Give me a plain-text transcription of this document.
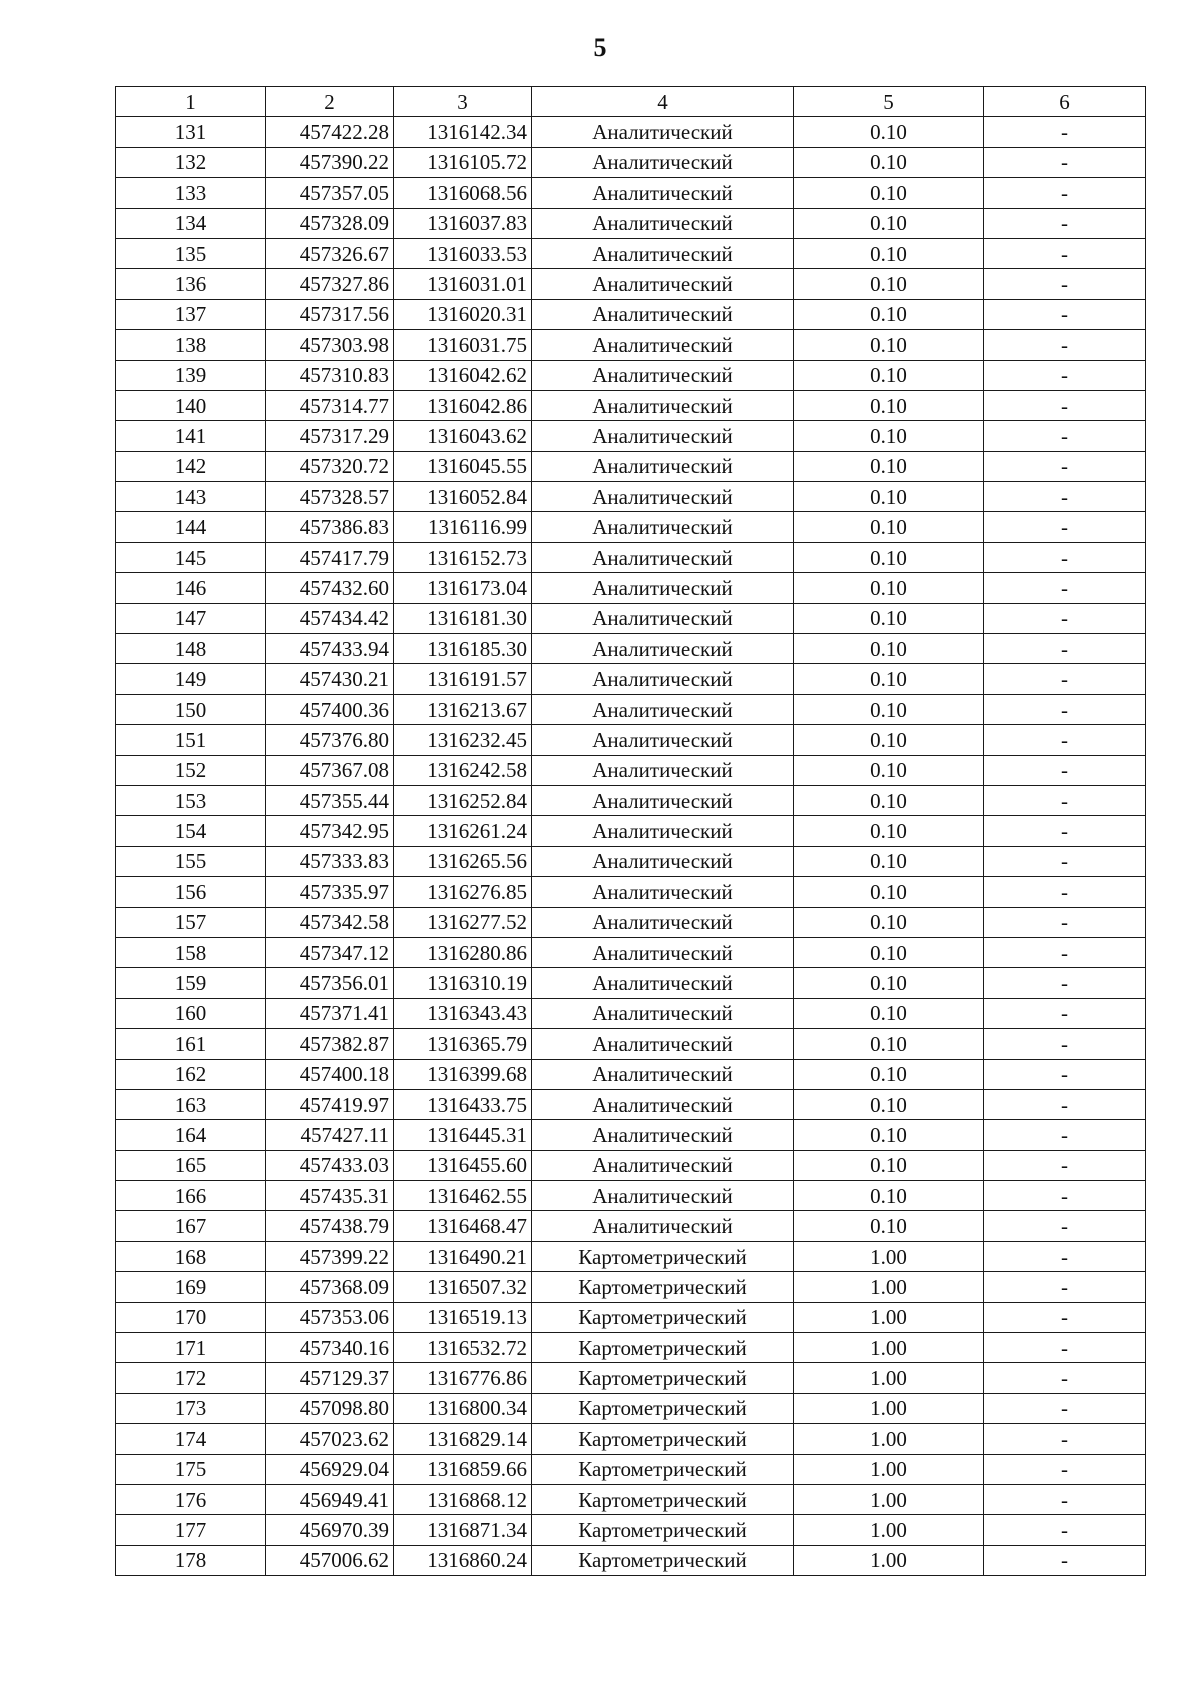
5
1	2	3	4	5	6
131	457422.28	1316142.34	Аналитический	0.10	-
132	457390.22	1316105.72	Аналитический	0.10	-
133	457357.05	1316068.56	Аналитический	0.10	-
134	457328.09	1316037.83	Аналитический	0.10	-
135	457326.67	1316033.53	Аналитический	0.10	-
136	457327.86	1316031.01	Аналитический	0.10	-
137	457317.56	1316020.31	Аналитический	0.10	-
138	457303.98	1316031.75	Аналитический	0.10	-
139	457310.83	1316042.62	Аналитический	0.10	-
140	457314.77	1316042.86	Аналитический	0.10	-
141	457317.29	1316043.62	Аналитический	0.10	-
142	457320.72	1316045.55	Аналитический	0.10	-
143	457328.57	1316052.84	Аналитический	0.10	-
144	457386.83	1316116.99	Аналитический	0.10	-
145	457417.79	1316152.73	Аналитический	0.10	-
146	457432.60	1316173.04	Аналитический	0.10	-
147	457434.42	1316181.30	Аналитический	0.10	-
148	457433.94	1316185.30	Аналитический	0.10	-
149	457430.21	1316191.57	Аналитический	0.10	-
150	457400.36	1316213.67	Аналитический	0.10	-
151	457376.80	1316232.45	Аналитический	0.10	-
152	457367.08	1316242.58	Аналитический	0.10	-
153	457355.44	1316252.84	Аналитический	0.10	-
154	457342.95	1316261.24	Аналитический	0.10	-
155	457333.83	1316265.56	Аналитический	0.10	-
156	457335.97	1316276.85	Аналитический	0.10	-
157	457342.58	1316277.52	Аналитический	0.10	-
158	457347.12	1316280.86	Аналитический	0.10	-
159	457356.01	1316310.19	Аналитический	0.10	-
160	457371.41	1316343.43	Аналитический	0.10	-
161	457382.87	1316365.79	Аналитический	0.10	-
162	457400.18	1316399.68	Аналитический	0.10	-
163	457419.97	1316433.75	Аналитический	0.10	-
164	457427.11	1316445.31	Аналитический	0.10	-
165	457433.03	1316455.60	Аналитический	0.10	-
166	457435.31	1316462.55	Аналитический	0.10	-
167	457438.79	1316468.47	Аналитический	0.10	-
168	457399.22	1316490.21	Картометрический	1.00	-
169	457368.09	1316507.32	Картометрический	1.00	-
170	457353.06	1316519.13	Картометрический	1.00	-
171	457340.16	1316532.72	Картометрический	1.00	-
172	457129.37	1316776.86	Картометрический	1.00	-
173	457098.80	1316800.34	Картометрический	1.00	-
174	457023.62	1316829.14	Картометрический	1.00	-
175	456929.04	1316859.66	Картометрический	1.00	-
176	456949.41	1316868.12	Картометрический	1.00	-
177	456970.39	1316871.34	Картометрический	1.00	-
178	457006.62	1316860.24	Картометрический	1.00	-
